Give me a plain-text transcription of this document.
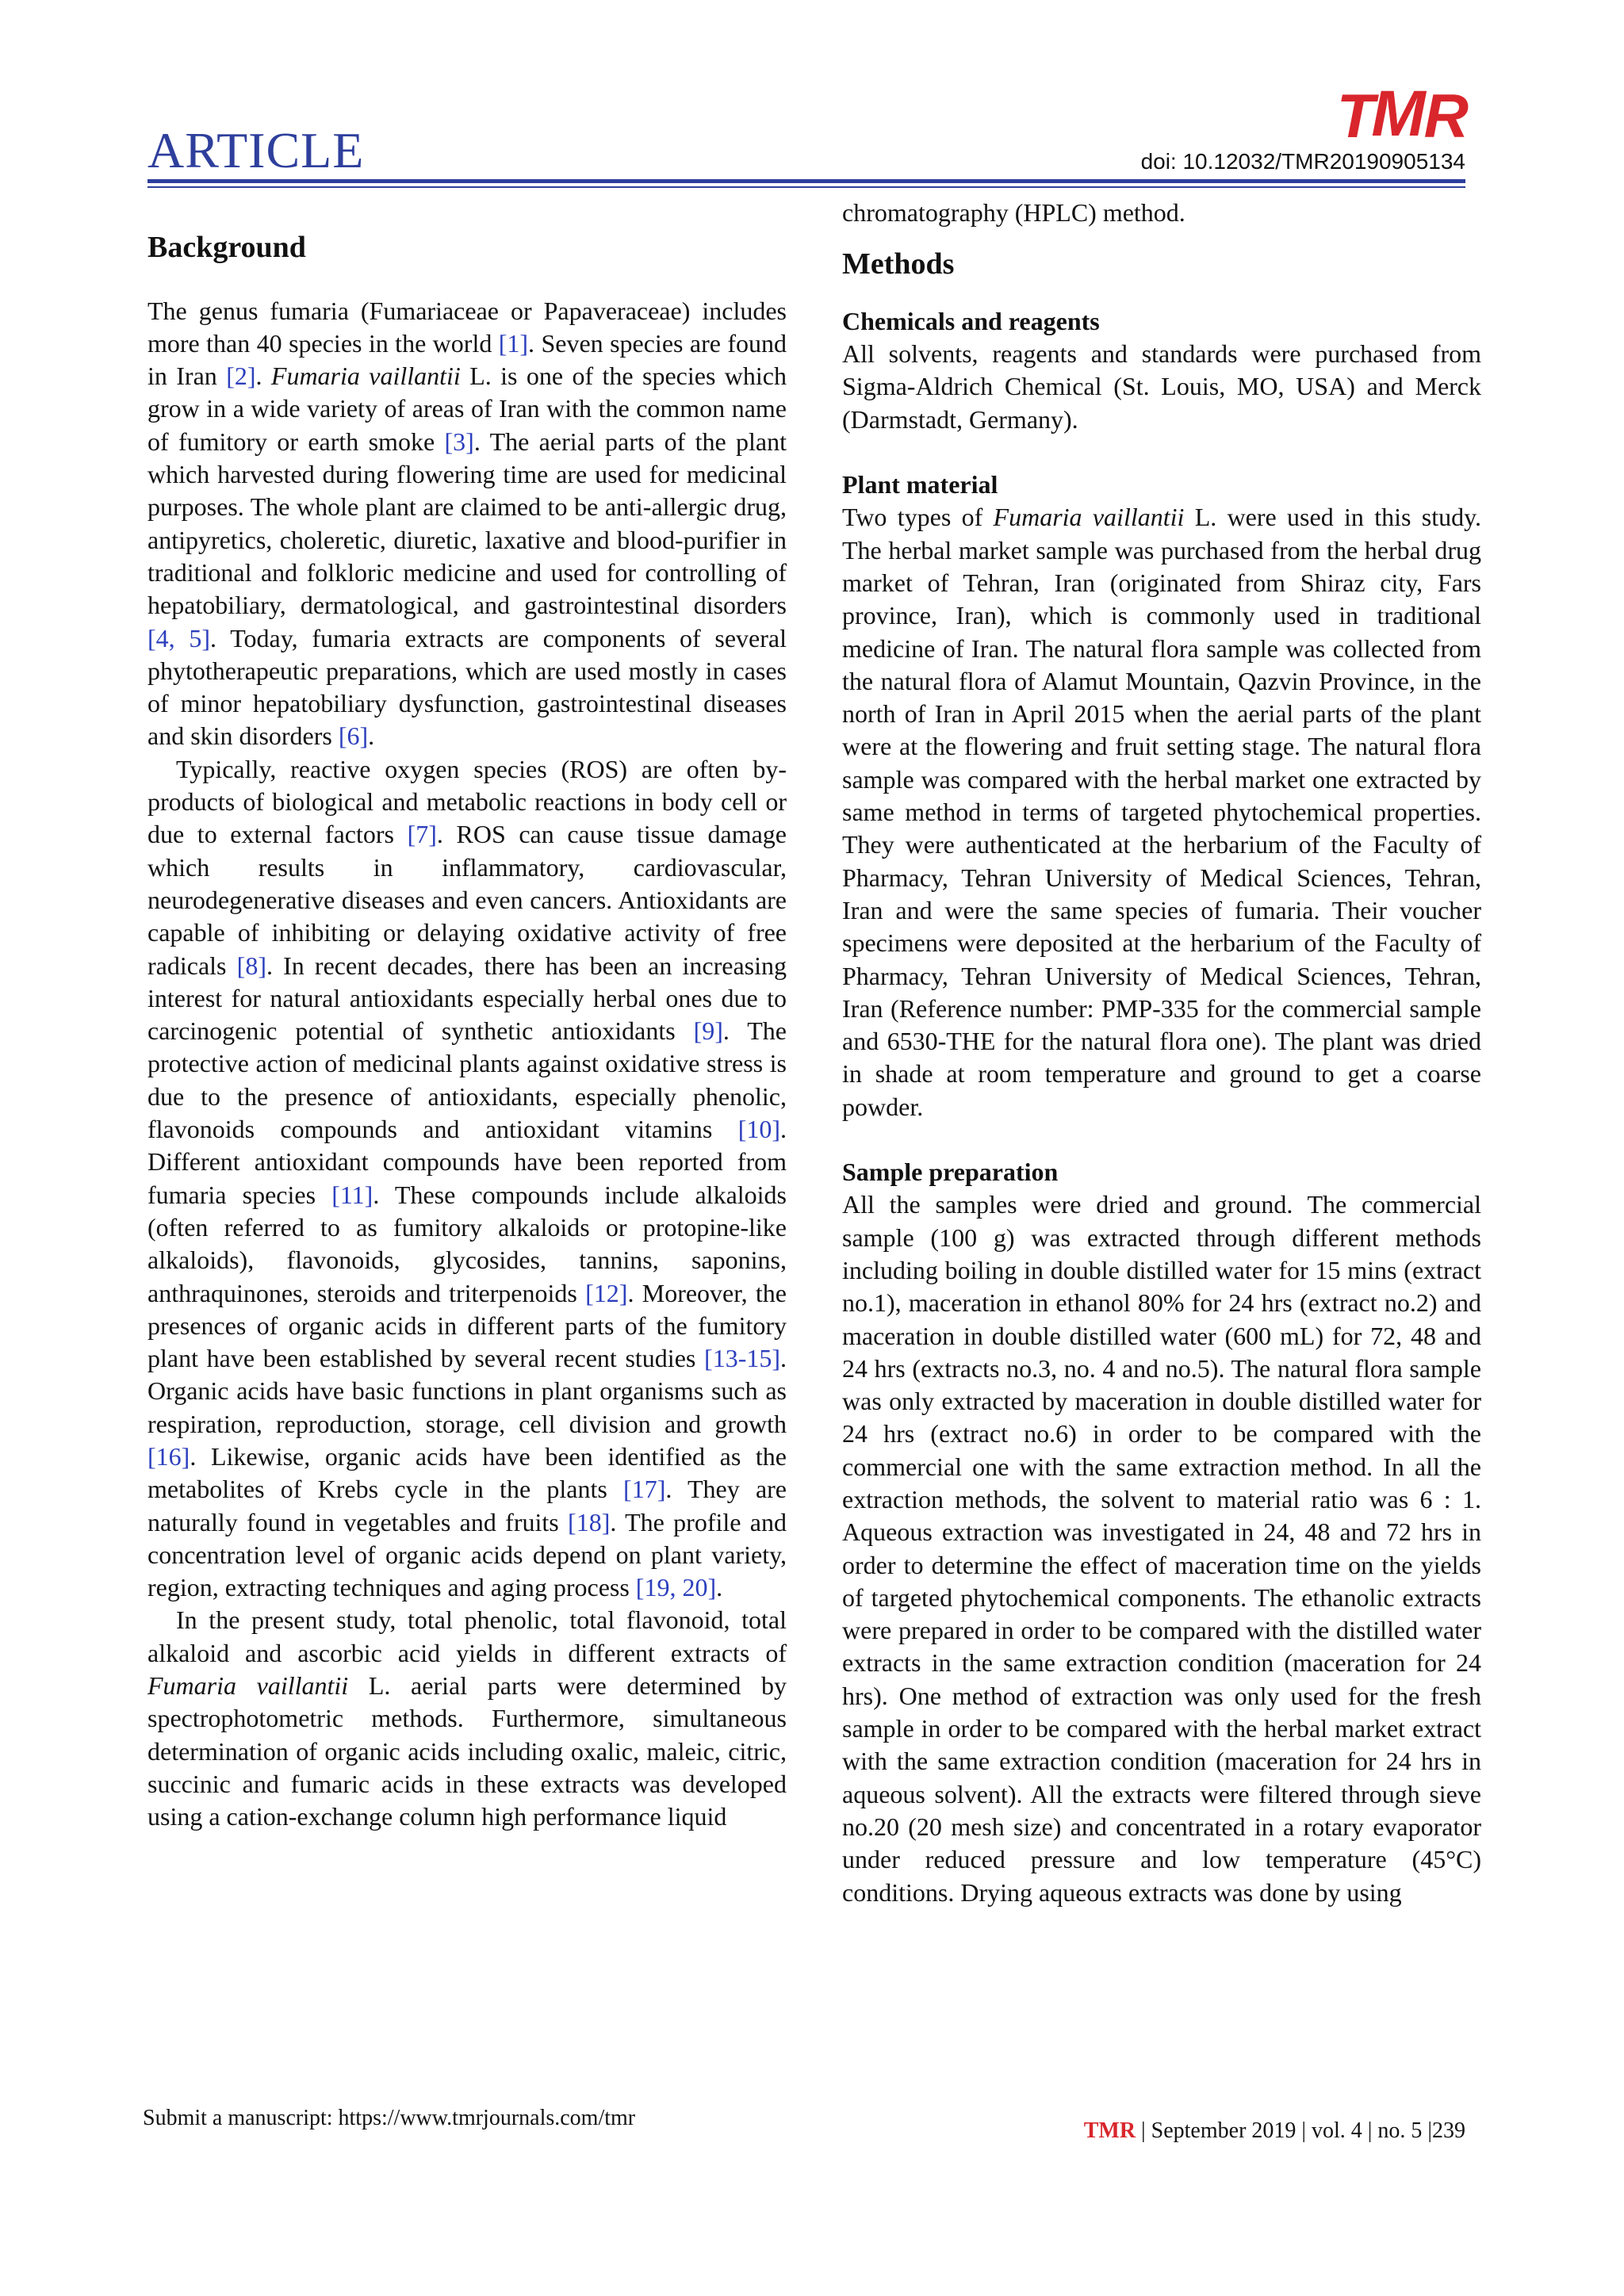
T M R
ARTICLE	doi: 10.12032/TMR20190905134
Background

The genus fumaria (Fumariaceae or Papaveraceae) includes more than 40 species in the world [1]. Seven species are found in Iran [2]. Fumaria vaillantii L. is one of the species which grow in a wide variety of areas of Iran with the common name of fumitory or earth smoke [3]. The aerial parts of the plant which harvested during flowering time are used for medicinal purposes. The whole plant are claimed to be anti-allergic drug, antipyretics, choleretic, diuretic, laxative and blood-purifier in traditional and folkloric medicine and used for controlling of hepatobiliary, dermatological, and gastrointestinal disorders [4, 5]. Today, fumaria extracts are components of several phytotherapeutic preparations, which are used mostly in cases of minor hepatobiliary dysfunction, gastrointestinal diseases and skin disorders [6].

Typically, reactive oxygen species (ROS) are often by-products of biological and metabolic reactions in body cell or due to external factors [7]. ROS can cause tissue damage which results in inflammatory, cardiovascular, neurodegenerative diseases and even cancers. Antioxidants are capable of inhibiting or delaying oxidative activity of free radicals [8]. In recent decades, there has been an increasing interest for natural antioxidants especially herbal ones due to carcinogenic potential of synthetic antioxidants [9]. The protective action of medicinal plants against oxidative stress is due to the presence of antioxidants, especially phenolic, flavonoids compounds and antioxidant vitamins [10]. Different antioxidant compounds have been reported from fumaria species [11]. These compounds include alkaloids (often referred to as fumitory alkaloids or protopine-like alkaloids), flavonoids, glycosides, tannins, saponins, anthraquinones, steroids and triterpenoids [12]. Moreover, the presences of organic acids in different parts of the fumitory plant have been established by several recent studies [13-15]. Organic acids have basic functions in plant organisms such as respiration, reproduction, storage, cell division and growth [16]. Likewise, organic acids have been identified as the metabolites of Krebs cycle in the plants [17]. They are naturally found in vegetables and fruits [18]. The profile and concentration level of organic acids depend on plant variety, region, extracting techniques and aging process [19, 20].

In the present study, total phenolic, total flavonoid, total alkaloid and ascorbic acid yields in different extracts of Fumaria vaillantii L. aerial parts were determined by spectrophotometric methods. Furthermore, simultaneous determination of organic acids including oxalic, maleic, citric, succinic and fumaric acids in these extracts was developed using a cation-exchange column high performance liquid

chromatography (HPLC) method.

Methods
Chemicals and reagents

All solvents, reagents and standards were purchased from Sigma-Aldrich Chemical (St. Louis, MO, USA) and Merck (Darmstadt, Germany).

Plant material

Two types of Fumaria vaillantii L. were used in this study. The herbal market sample was purchased from the herbal drug market of Tehran, Iran (originated from Shiraz city, Fars province, Iran), which is commonly used in traditional medicine of Iran. The natural flora sample was collected from the natural flora of Alamut Mountain, Qazvin Province, in the north of Iran in April 2015 when the aerial parts of the plant were at the flowering and fruit setting stage. The natural flora sample was compared with the herbal market one extracted by same method in terms of targeted phytochemical properties. They were authenticated at the herbarium of the Faculty of Pharmacy, Tehran University of Medical Sciences, Tehran, Iran and were the same species of fumaria. Their voucher specimens were deposited at the herbarium of the Faculty of Pharmacy, Tehran University of Medical Sciences, Tehran, Iran (Reference number: PMP-335 for the commercial sample and 6530-THE for the natural flora one). The plant was dried in shade at room temperature and ground to get a coarse powder.

Sample preparation

All the samples were dried and ground. The commercial sample (100 g) was extracted through different methods including boiling in double distilled water for 15 mins (extract no.1), maceration in ethanol 80% for 24 hrs (extract no.2) and maceration in double distilled water (600 mL) for 72, 48 and 24 hrs (extracts no.3, no. 4 and no.5). The natural flora sample was only extracted by maceration in double distilled water for 24 hrs (extract no.6) in order to be compared with the commercial one with the same extraction method. In all the extraction methods, the solvent to material ratio was 6 : 1. Aqueous extraction was investigated in 24, 48 and 72 hrs in order to determine the effect of maceration time on the yields of targeted phytochemical components. The ethanolic extracts were prepared in order to be compared with the distilled water extracts in the same extraction condition (maceration for 24 hrs). One method of extraction was only used for the fresh sample in order to be compared with the herbal market extract with the same extraction condition (maceration for 24 hrs in aqueous solvent). All the extracts were filtered through sieve no.20 (20 mesh size) and concentrated in a rotary evaporator under reduced pressure and low temperature (45°C) conditions. Drying aqueous extracts was done by using

Submit a manuscript: https://www.tmrjournals.com/tmr
TMR | September 2019 | vol. 4 | no. 5 |239
